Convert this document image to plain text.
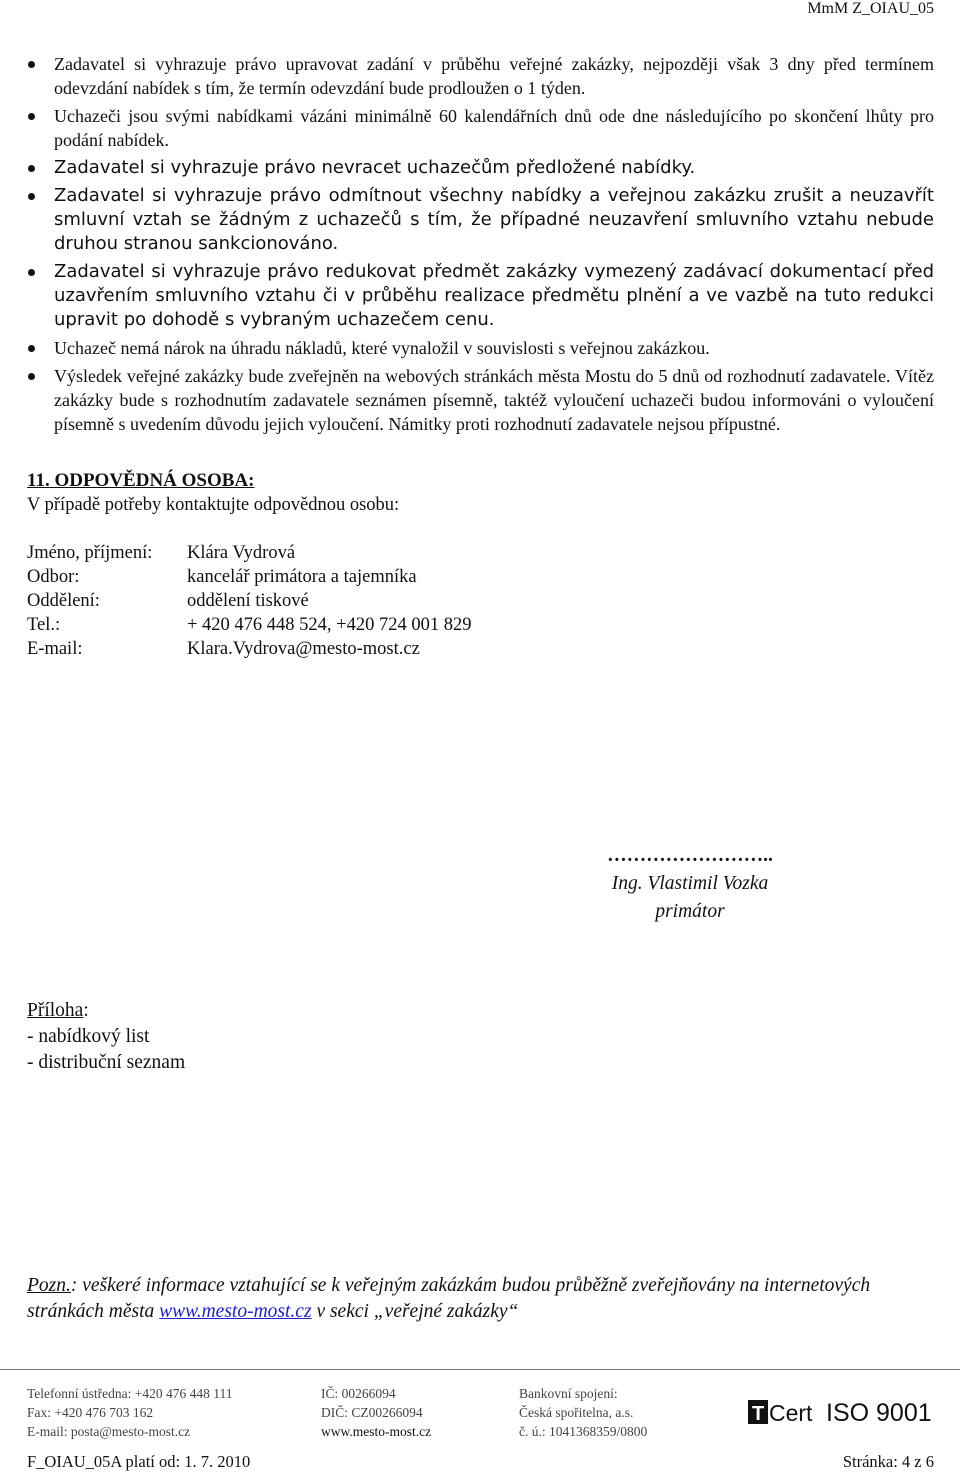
MmM Z_OIAU_05
Zadavatel si vyhrazuje právo upravovat zadání v průběhu veřejné zakázky, nejpozději však 3 dny před termínem odevzdání nabídek s tím, že termín odevzdání bude prodloužen o 1 týden.
Uchazeči jsou svými nabídkami vázáni minimálně 60 kalendářních dnů ode dne následujícího po skončení lhůty pro podání nabídek.
Zadavatel si vyhrazuje právo nevracet uchazečům předložené nabídky.
Zadavatel si vyhrazuje právo odmítnout všechny nabídky a veřejnou zakázku zrušit a neuzavřít smluvní vztah se žádným z uchazečů s tím, že případné neuzavření smluvního vztahu nebude druhou stranou sankcionováno.
Zadavatel si vyhrazuje právo redukovat předmět zakázky vymezený zadávací dokumentací před uzavřením smluvního vztahu či v průběhu realizace předmětu plnění a ve vazbě na tuto redukci upravit po dohodě s vybraným uchazečem cenu.
Uchazeč nemá nárok na úhradu nákladů, které vynaložil v souvislosti s veřejnou zakázkou.
Výsledek veřejné zakázky bude zveřejněn na webových stránkách města Mostu do 5 dnů od rozhodnutí zadavatele. Vítěz zakázky bude s rozhodnutím zadavatele seznámen písemně, taktéž vyloučení uchazeči budou informováni o vyloučení písemně s uvedením důvodu jejich vyloučení. Námitky proti rozhodnutí zadavatele nejsou přípustné.
11. ODPOVĚDNÁ OSOBA:
V případě potřeby kontaktujte odpovědnou osobu:
Jméno, příjmení:	Klára Vydrová
Odbor:	kancelář primátora a tajemníka
Oddělení:	oddělení tiskové
Tel.:	+ 420 476 448 524, +420 724 001 829
E-mail:	Klara.Vydrova@mesto-most.cz
……………………..
Ing. Vlastimil Vozka
primátor
Příloha:
- nabídkový list
- distribuční seznam
Pozn.: veškeré informace vztahující se k veřejným zakázkám budou průběžně zveřejňovány na internetových stránkách města www.mesto-most.cz v sekci „veřejné zakázky“
Telefonní ústředna: +420 476 448 111
Fax: +420 476 703 162
E-mail: posta@mesto-most.cz
IČ: 00266094
DIČ: CZ00266094
www.mesto-most.cz
Bankovní spojení:
Česká spořitelna, a.s.
č. ú.: 1041368359/0800
T Cert ISO 9001
F_OIAU_05A platí od: 1. 7. 2010	Stránka: 4 z 6
